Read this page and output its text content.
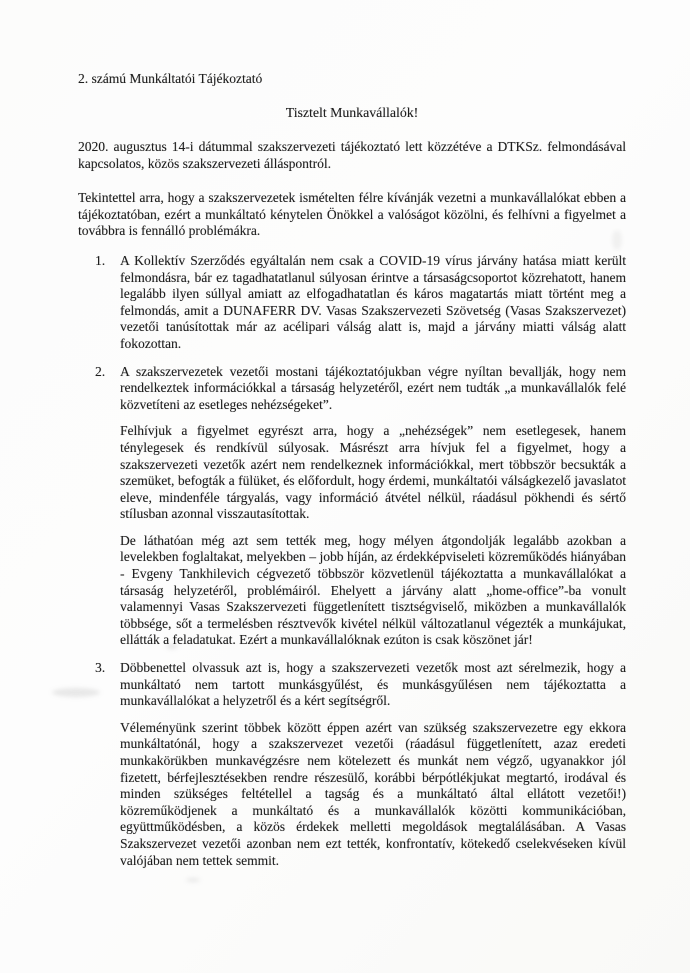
2. számú Munkáltatói Tájékoztató

Tisztelt Munkavállalók!

2020. augusztus 14-i dátummal szakszervezeti tájékoztató lett közzétéve a DTKSz. felmondásával kapcsolatos, közös szakszervezeti álláspontról.

Tekintettel arra, hogy a szakszervezetek ismételten félre kívánják vezetni a munkavállalókat ebben a tájékoztatóban, ezért a munkáltató kénytelen Önökkel a valóságot közölni, és felhívni a figyelmet a továbbra is fennálló problémákra.

1.	A Kollektív Szerződés egyáltalán nem csak a COVID-19 vírus járvány hatása miatt került felmondásra, bár ez tagadhatatlanul súlyosan érintve a társaságcsoportot közrehatott, hanem legalább ilyen súllyal amiatt az elfogadhatatlan és káros magatartás miatt történt meg a felmondás, amit a DUNAFERR DV. Vasas Szakszervezeti Szövetség (Vasas Szakszervezet) vezetői tanúsítottak már az acélipari válság alatt is, majd a járvány miatti válság alatt fokozottan.

2.	A szakszervezetek vezetői mostani tájékoztatójukban végre nyíltan bevallják, hogy nem rendelkeztek információkkal a társaság helyzetéről, ezért nem tudták „a munkavállalók felé közvetíteni az esetleges nehézségeket”.

Felhívjuk a figyelmet egyrészt arra, hogy a „nehézségek” nem esetlegesek, hanem ténylegesek és rendkívül súlyosak. Másrészt arra hívjuk fel a figyelmet, hogy a szakszervezeti vezetők azért nem rendelkeznek információkkal, mert többször becsukták a szemüket, befogták a fülüket, és előfordult, hogy érdemi, munkáltatói válságkezelő javaslatot eleve, mindenféle tárgyalás, vagy információ átvétel nélkül, ráadásul pökhendi és sértő stílusban azonnal visszautasítottak.

De láthatóan még azt sem tették meg, hogy mélyen átgondolják legalább azokban a levelekben foglaltakat, melyekben – jobb híján, az érdekképviseleti közreműködés hiányában - Evgeny Tankhilevich cégvezető többször közvetlenül tájékoztatta a munkavállalókat a társaság helyzetéről, problémáiról. Ehelyett a járvány alatt „home-office”-ba vonult valamennyi Vasas Szakszervezeti függetlenített tisztségviselő, miközben a munkavállalók többsége, sőt a termelésben résztvevők kivétel nélkül változatlanul végezték a munkájukat, ellátták a feladatukat. Ezért a munkavállalóknak ezúton is csak köszönet jár!

3.	Döbbenettel olvassuk azt is, hogy a szakszervezeti vezetők most azt sérelmezik, hogy a munkáltató nem tartott munkásgyűlést, és munkásgyűlésen nem tájékoztatta a munkavállalókat a helyzetről és a kért segítségről.

Véleményünk szerint többek között éppen azért van szükség szakszervezetre egy ekkora munkáltatónál, hogy a szakszervezet vezetői (ráadásul függetlenített, azaz eredeti munkakörükben munkavégzésre nem kötelezett és munkát nem végző, ugyanakkor jól fizetett, bérfejlesztésekben rendre részesülő, korábbi bérpótlékjukat megtartó, irodával és minden szükséges feltétellel a tagság és a munkáltató által ellátott vezetői!) közreműködjenek a munkáltató és a munkavállalók közötti kommunikációban, együttműködésben, a közös érdekek melletti megoldások megtalálásában. A Vasas Szakszervezet vezetői azonban nem ezt tették, konfrontatív, kötekedő cselekvéseken kívül valójában nem tettek semmit.
